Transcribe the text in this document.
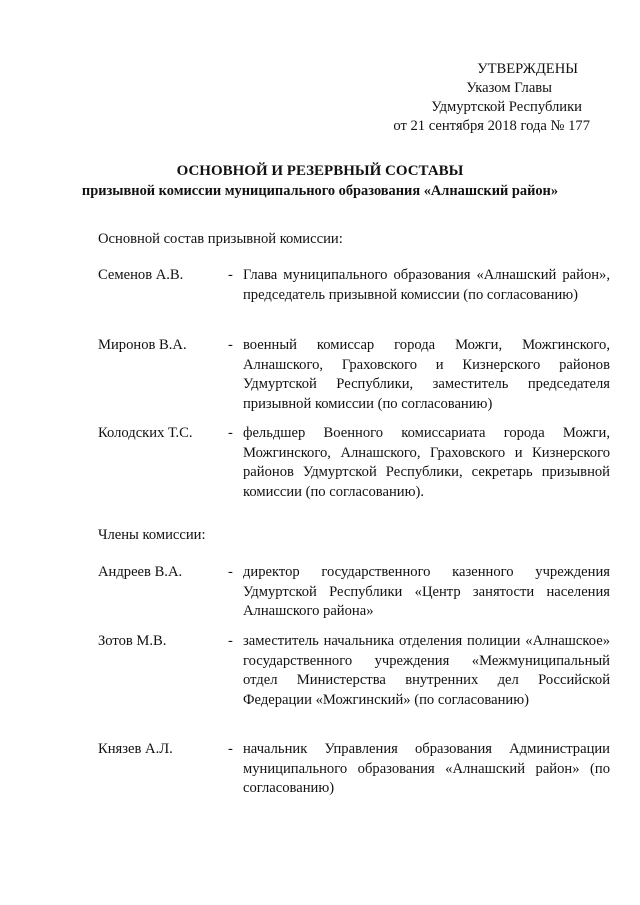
УТВЕРЖДЕНЫ
Указом Главы
Удмуртской Республики
от 21 сентября 2018 года № 177
ОСНОВНОЙ И РЕЗЕРВНЫЙ СОСТАВЫ
призывной комиссии муниципального образования «Алнашский район»
Основной состав призывной комиссии:
Семенов А.В.	- Глава муниципального образования «Алнашский район», председатель призывной комиссии (по согласованию)
Миронов В.А.	- военный комиссар города Можги, Можгинского, Алнашского, Граховского и Кизнерского районов Удмуртской Республики, заместитель председателя призывной комиссии (по согласованию)
Колодских Т.С.	- фельдшер Военного комиссариата города Можги, Можгинского, Алнашского, Граховского и Кизнерского районов Удмуртской Республики, секретарь призывной комиссии (по согласованию).
Члены комиссии:
Андреев В.А.	- директор государственного казенного учреждения Удмуртской Республики «Центр занятости населения Алнашского района»
Зотов М.В.	- заместитель начальника отделения полиции «Алнашское» государственного учреждения «Межмуниципальный отдел Министерства внутренних дел Российской Федерации «Можгинский» (по согласованию)
Князев А.Л.	- начальник Управления образования Администрации муниципального образования «Алнашский район» (по согласованию)
